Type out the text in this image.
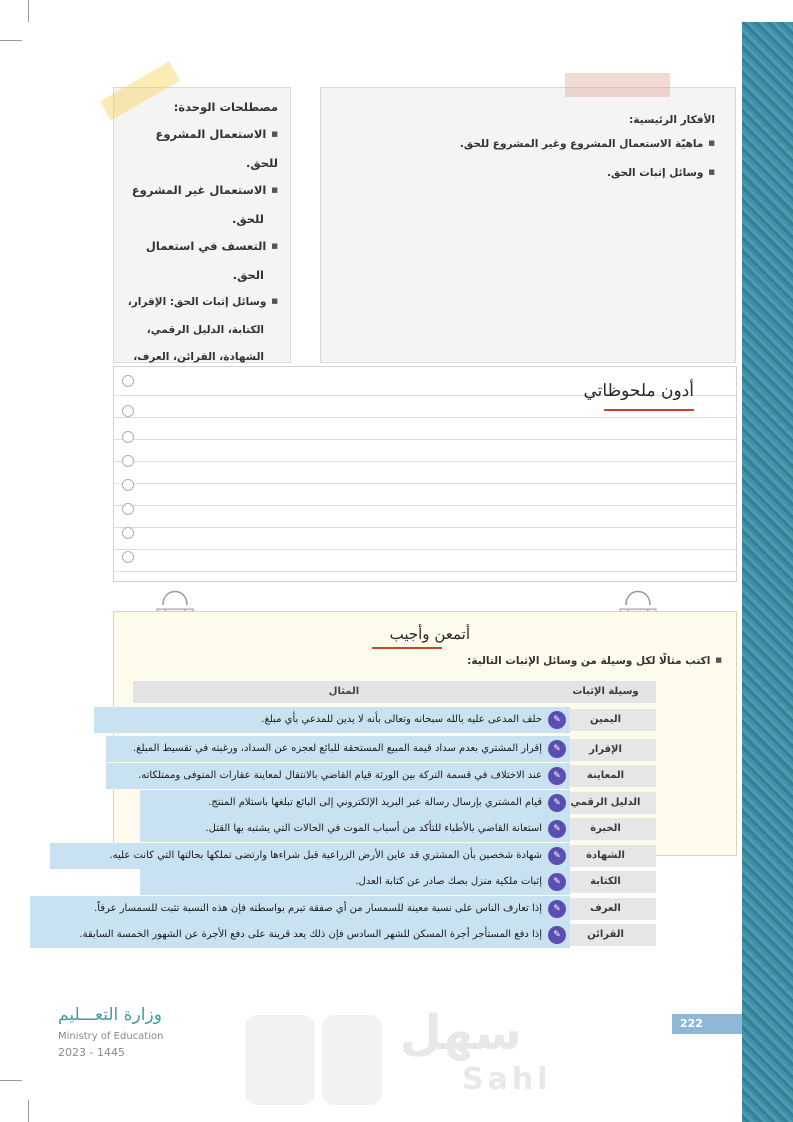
الأفكار الرئيسية:
■ ماهيّة الاستعمال المشروع وغير المشروع للحق.
■ وسائل إثبات الحق.
مصطلحات الوحدة:
■ الاستعمال المشروع للحق.
■ الاستعمال غير المشروع
للحق.
■ التعسف في استعمال
الحق.
■ وسائل إثبات الحق: الإقرار،
الكتابة، الدليل الرقمي،
الشهادة، القرائن، العرف،
أدون ملحوظاتي
أتمعن وأجيب
■ اكتب مثالًا لكل وسيلة من وسائل الإثبات التالية:
المثال	وسيلة الإثبات
اليمين
الإقرار
المعاينة
الدليل الرقمي
الخبرة
الشهادة
الكتابة
العرف
القرائن
✎
حلف المدعى عليه بالله سبحانه وتعالى بأنه لا يدين للمدعي بأي مبلغ.
✎
إقرار المشتري بعدم سداد قيمة المبيع المستحقة للبائع لعجزه عن السداد، ورغبته في تقسيط المبلغ.
✎
عند الاختلاف في قسمة التركة بين الورثة قيام القاضي بالانتقال لمعاينة عقارات المتوفى وممتلكاته.
✎
قيام المشتري بإرسال رسالة عبر البريد الإلكتروني إلى البائع تبلغها باستلام المنتج.
✎
استعانة القاضي بالأطباء للتأكد من أسباب الموت في الحالات التي يشتبه بها القتل.
✎
شهادة شخصين بأن المشتري قد عاين الأرض الزراعية قبل شراءها وارتضى تملكها بحالتها التي كانت عليه.
✎
إثبات ملكية منزل بصك صادر عن كتابة العدل.
✎
إذا تعارف الناس على نسبة معينة للسمسار من أي صفقة تبرم بواسطته فإن هذه النسبة تثبت للسمسار عرفاً.
✎
إذا دفع المستأجر أجرة المسكن للشهر السادس فإن ذلك يعد قرينة على دفع الأجرة عن الشهور الخمسة السابقة.
وزارة التعـــليم
Ministry of Education
2023 - 1445
222
سهل
Sahl
